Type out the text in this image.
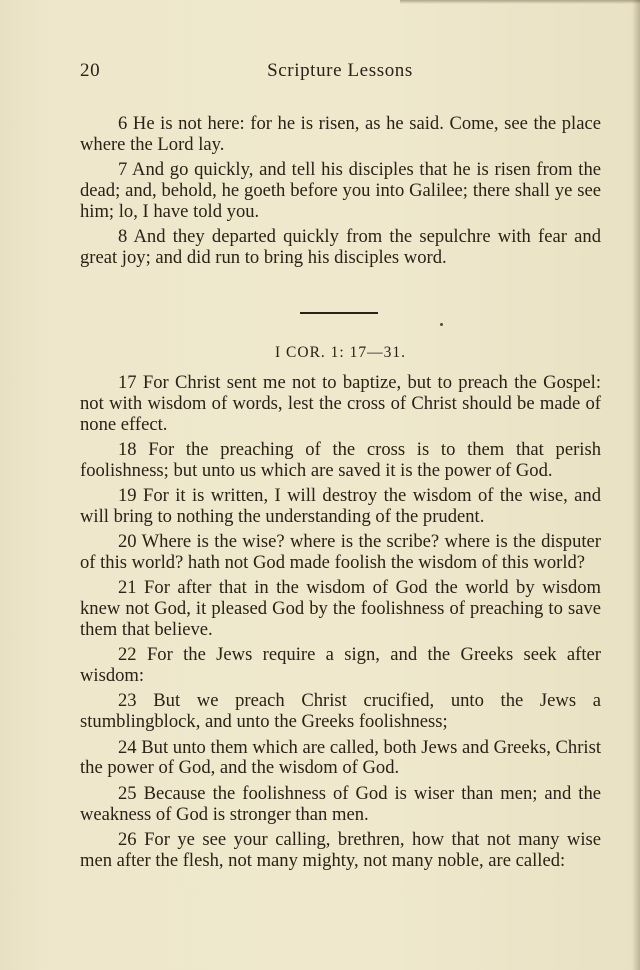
20	Scripture Lessons

6 He is not here: for he is risen, as he said. Come, see the place where the Lord lay.

7 And go quickly, and tell his disciples that he is risen from the dead; and, behold, he goeth before you into Galilee; there shall ye see him; lo, I have told you.

8 And they departed quickly from the sepulchre with fear and great joy; and did run to bring his disciples word.

I COR. 1: 17—31.

17 For Christ sent me not to baptize, but to preach the Gospel: not with wisdom of words, lest the cross of Christ should be made of none effect.

18 For the preaching of the cross is to them that perish foolishness; but unto us which are saved it is the power of God.

19 For it is written, I will destroy the wisdom of the wise, and will bring to nothing the understanding of the prudent.

20 Where is the wise? where is the scribe? where is the disputer of this world? hath not God made foolish the wisdom of this world?

21 For after that in the wisdom of God the world by wisdom knew not God, it pleased God by the foolishness of preaching to save them that believe.

22 For the Jews require a sign, and the Greeks seek after wisdom:

23 But we preach Christ crucified, unto the Jews a stumblingblock, and unto the Greeks foolishness;

24 But unto them which are called, both Jews and Greeks, Christ the power of God, and the wisdom of God.

25 Because the foolishness of God is wiser than men; and the weakness of God is stronger than men.

26 For ye see your calling, brethren, how that not many wise men after the flesh, not many mighty, not many noble, are called:
